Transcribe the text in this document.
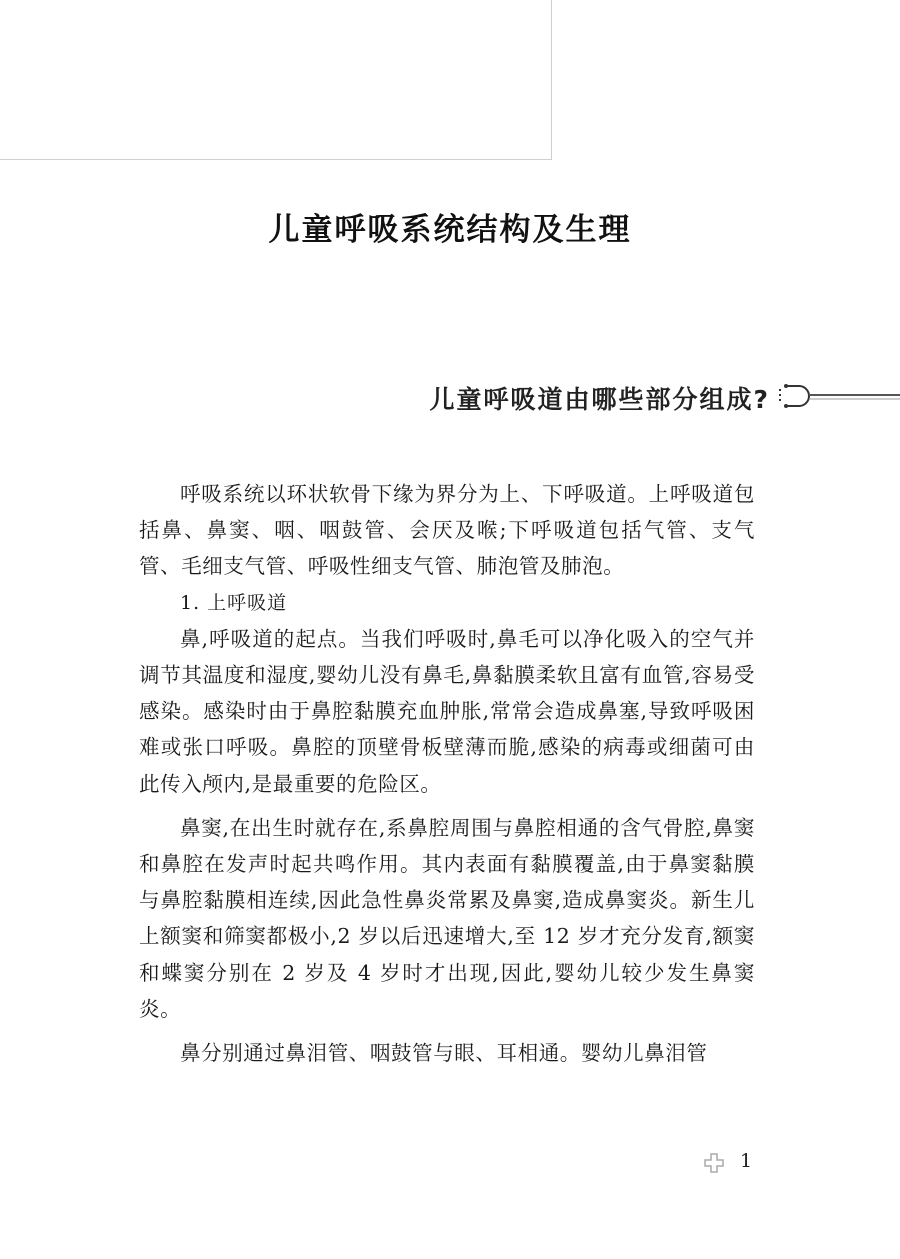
儿童呼吸系统结构及生理
儿童呼吸道由哪些部分组成?

呼吸系统以环状软骨下缘为界分为上、下呼吸道。上呼吸道包括鼻、鼻窦、咽、咽鼓管、会厌及喉;下呼吸道包括气管、支气管、毛细支气管、呼吸性细支气管、肺泡管及肺泡。

1. 上呼吸道

鼻,呼吸道的起点。当我们呼吸时,鼻毛可以净化吸入的空气并调节其温度和湿度,婴幼儿没有鼻毛,鼻黏膜柔软且富有血管,容易受感染。感染时由于鼻腔黏膜充血肿胀,常常会造成鼻塞,导致呼吸困难或张口呼吸。鼻腔的顶壁骨板壁薄而脆,感染的病毒或细菌可由此传入颅内,是最重要的危险区。

鼻窦,在出生时就存在,系鼻腔周围与鼻腔相通的含气骨腔,鼻窦和鼻腔在发声时起共鸣作用。其内表面有黏膜覆盖,由于鼻窦黏膜与鼻腔黏膜相连续,因此急性鼻炎常累及鼻窦,造成鼻窦炎。新生儿上额窦和筛窦都极小,2 岁以后迅速增大,至 12 岁才充分发育,额窦和蝶窦分别在 2 岁及 4 岁时才出现,因此,婴幼儿较少发生鼻窦炎。

鼻分别通过鼻泪管、咽鼓管与眼、耳相通。婴幼儿鼻泪管

1
